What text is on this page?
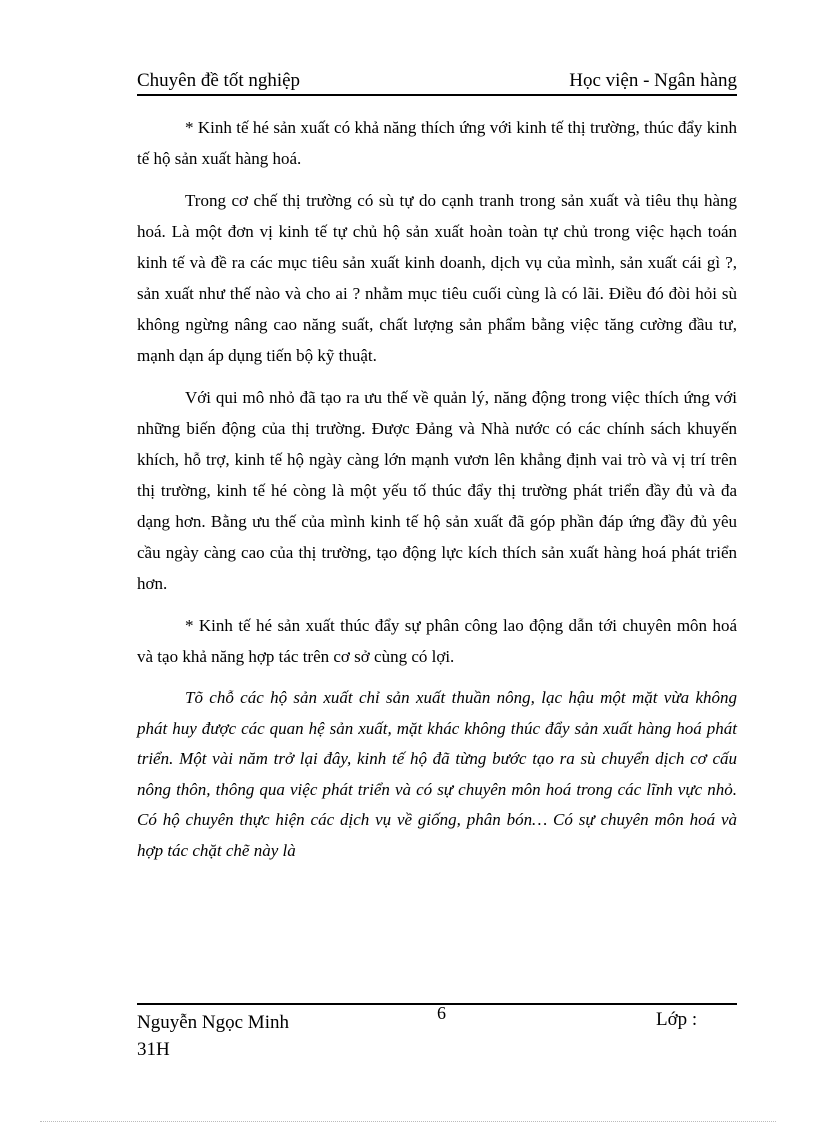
Chuyên đề tốt nghiệp	Học viện - Ngân hàng

* Kinh tế hé sản xuất có khả năng thích ứng với kinh tế thị trường, thúc đẩy kinh tế hộ sản xuất hàng hoá.

Trong cơ chế thị trường có sù tự do cạnh tranh trong sản xuất và tiêu thụ hàng hoá. Là một đơn vị kinh tế tự chủ hộ sản xuất hoàn toàn tự chủ trong việc hạch toán kinh tế và đề ra các mục tiêu sản xuất kinh doanh, dịch vụ của mình, sản xuất cái gì ?, sản xuất như thế nào và cho ai ? nhằm mục tiêu cuối cùng là có lãi. Điều đó đòi hỏi sù không ngừng nâng cao năng suất, chất lượng sản phẩm bằng việc tăng cường đầu tư, mạnh dạn áp dụng tiến bộ kỹ thuật.

Với qui mô nhỏ đã tạo ra ưu thế về quản lý, năng động trong việc thích ứng với những biến động của thị trường. Được Đảng và Nhà nước có các chính sách khuyến khích, hỗ trợ, kinh tế hộ ngày càng lớn mạnh vươn lên khẳng định vai trò và vị trí trên thị trường, kinh tế hé còng là một yếu tố thúc đẩy thị trường phát triển đầy đủ và đa dạng hơn. Bằng ưu thế của mình kinh tế hộ sản xuất đã góp phần đáp ứng đầy đủ yêu cầu ngày càng cao của thị trường, tạo động lực kích thích sản xuất hàng hoá phát triển hơn.

* Kinh tế hé sản xuất thúc đẩy sự phân công lao động dẫn tới chuyên môn hoá và tạo khả năng hợp tác trên cơ sở cùng có lợi.

Tõ chỗ các hộ sản xuất chỉ sản xuất thuần nông, lạc hậu một mặt vừa không phát huy được các quan hệ sản xuất, mặt khác không thúc đẩy sản xuất hàng hoá phát triển. Một vài năm trở lại đây, kinh tế hộ đã từng bước tạo ra sù chuyển dịch cơ cấu nông thôn, thông qua việc phát triển và có sự chuyên môn hoá trong các lĩnh vực nhỏ. Có hộ chuyên thực hiện các dịch vụ về giống, phân bón… Có sự chuyên môn hoá và hợp tác chặt chẽ này là

Nguyễn Ngọc Minh
31H
6	Lớp :
